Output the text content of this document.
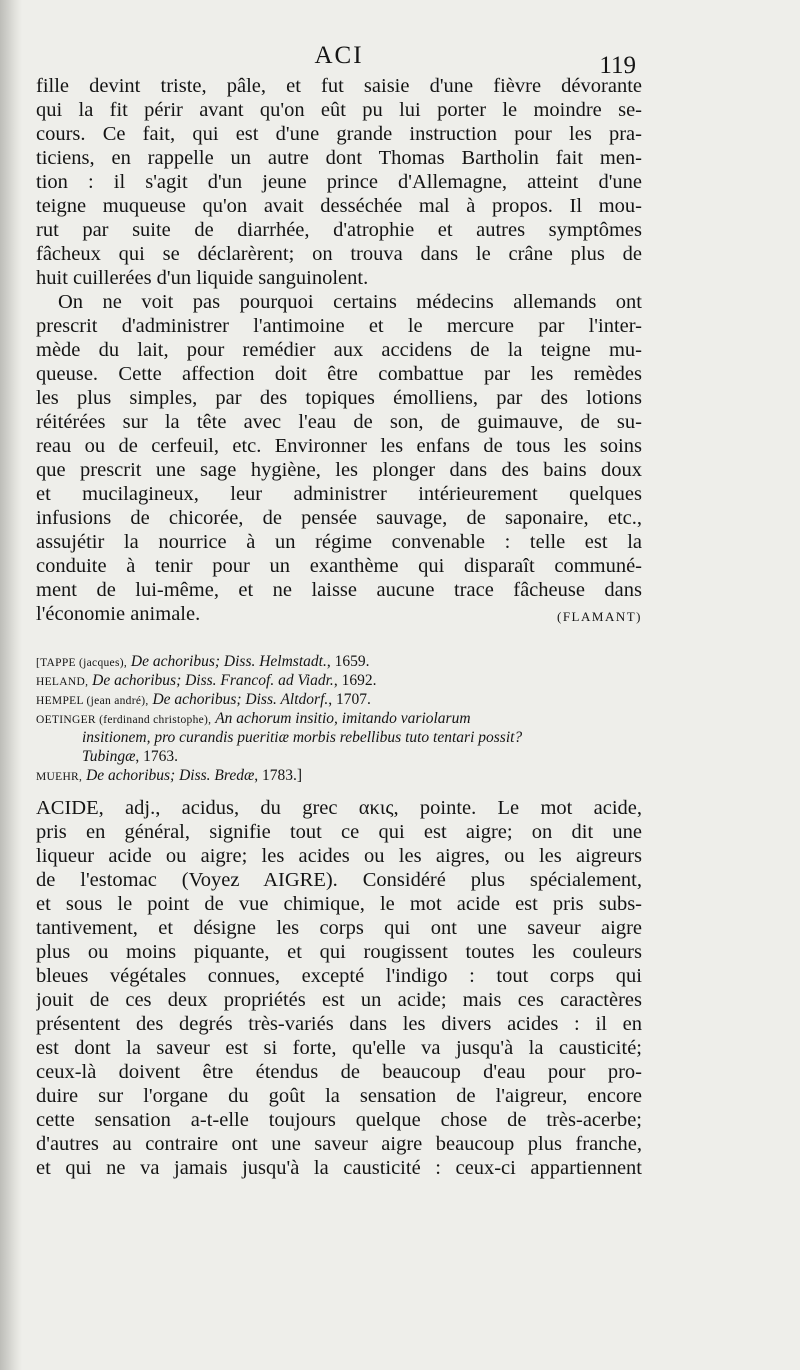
ACI	119
fille devint triste, pâle, et fut saisie d'une fièvre dévorante
qui la fit périr avant qu'on eût pu lui porter le moindre se-
cours. Ce fait, qui est d'une grande instruction pour les pra-
ticiens, en rappelle un autre dont Thomas Bartholin fait men-
tion : il s'agit d'un jeune prince d'Allemagne, atteint d'une
teigne muqueuse qu'on avait desséchée mal à propos. Il mou-
rut par suite de diarrhée, d'atrophie et autres symptômes
fâcheux qui se déclarèrent; on trouva dans le crâne plus de
huit cuillerées d'un liquide sanguinolent.
On ne voit pas pourquoi certains médecins allemands ont
prescrit d'administrer l'antimoine et le mercure par l'inter-
mède du lait, pour remédier aux accidens de la teigne mu-
queuse. Cette affection doit être combattue par les remèdes
les plus simples, par des topiques émolliens, par des lotions
réitérées sur la tête avec l'eau de son, de guimauve, de su-
reau ou de cerfeuil, etc. Environner les enfans de tous les soins
que prescrit une sage hygiène, les plonger dans des bains doux
et mucilagineux, leur administrer intérieurement quelques
infusions de chicorée, de pensée sauvage, de saponaire, etc.,
assujétir la nourrice à un régime convenable : telle est la
conduite à tenir pour un exanthème qui disparaît communé-
ment de lui-même, et ne laisse aucune trace fâcheuse dans
l'économie animale.	(FLAMANT)
[TAPPE (jacques), De achoribus; Diss. Helmstadt., 1659.
HELAND, De achoribus; Diss. Francof. ad Viadr., 1692.
HEMPEL (jean andré), De achoribus; Diss. Altdorf., 1707.
OETINGER (ferdinand christophe), An achorum insitio, imitando variolarum
insitionem, pro curandis pueritiæ morbis rebellibus tuto tentari possit?
Tubingæ, 1763.
MUEHR, De achoribus; Diss. Bredæ, 1783.]
ACIDE, adj., acidus, du grec ακις, pointe. Le mot acide,
pris en général, signifie tout ce qui est aigre; on dit une
liqueur acide ou aigre; les acides ou les aigres, ou les aigreurs
de l'estomac (Voyez AIGRE). Considéré plus spécialement,
et sous le point de vue chimique, le mot acide est pris subs-
tantivement, et désigne les corps qui ont une saveur aigre
plus ou moins piquante, et qui rougissent toutes les couleurs
bleues végétales connues, excepté l'indigo : tout corps qui
jouit de ces deux propriétés est un acide; mais ces caractères
présentent des degrés très-variés dans les divers acides : il en
est dont la saveur est si forte, qu'elle va jusqu'à la causticité;
ceux-là doivent être étendus de beaucoup d'eau pour pro-
duire sur l'organe du goût la sensation de l'aigreur, encore
cette sensation a-t-elle toujours quelque chose de très-acerbe;
d'autres au contraire ont une saveur aigre beaucoup plus franche,
et qui ne va jamais jusqu'à la causticité : ceux-ci appartiennent
